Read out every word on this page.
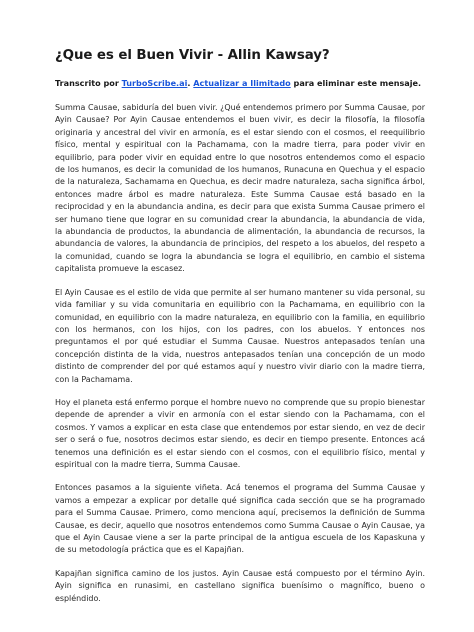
¿Que es el Buen Vivir - Allin Kawsay?
Transcrito por TurboScribe.ai. Actualizar a Ilimitado para eliminar este mensaje.

Summa Causae, sabiduría del buen vivir. ¿Qué entendemos primero por Summa Causae, por Ayin Causae? Por Ayin Causae entendemos el buen vivir, es decir la filosofía, la filosofía originaria y ancestral del vivir en armonía, es el estar siendo con el cosmos, el reequilibrio físico, mental y espiritual con la Pachamama, con la madre tierra, para poder vivir en equilibrio, para poder vivir en equidad entre lo que nosotros entendemos como el espacio de los humanos, es decir la comunidad de los humanos, Runacuna en Quechua y el espacio de la naturaleza, Sachamama en Quechua, es decir madre naturaleza, sacha significa árbol, entonces madre árbol es madre naturaleza. Este Summa Causae está basado en la reciprocidad y en la abundancia andina, es decir para que exista Summa Causae primero el ser humano tiene que lograr en su comunidad crear la abundancia, la abundancia de vida, la abundancia de productos, la abundancia de alimentación, la abundancia de recursos, la abundancia de valores, la abundancia de principios, del respeto a los abuelos, del respeto a la comunidad, cuando se logra la abundancia se logra el equilibrio, en cambio el sistema capitalista promueve la escasez.

El Ayin Causae es el estilo de vida que permite al ser humano mantener su vida personal, su vida familiar y su vida comunitaria en equilibrio con la Pachamama, en equilibrio con la comunidad, en equilibrio con la madre naturaleza, en equilibrio con la familia, en equilibrio con los hermanos, con los hijos, con los padres, con los abuelos. Y entonces nos preguntamos el por qué estudiar el Summa Causae. Nuestros antepasados tenían una concepción distinta de la vida, nuestros antepasados tenían una concepción de un modo distinto de comprender del por qué estamos aquí y nuestro vivir diario con la madre tierra, con la Pachamama.

Hoy el planeta está enfermo porque el hombre nuevo no comprende que su propio bienestar depende de aprender a vivir en armonía con el estar siendo con la Pachamama, con el cosmos. Y vamos a explicar en esta clase que entendemos por estar siendo, en vez de decir ser o será o fue, nosotros decimos estar siendo, es decir en tiempo presente. Entonces acá tenemos una definición es el estar siendo con el cosmos, con el equilibrio físico, mental y espiritual con la madre tierra, Summa Causae.

Entonces pasamos a la siguiente viñeta. Acá tenemos el programa del Summa Causae y vamos a empezar a explicar por detalle qué significa cada sección que se ha programado para el Summa Causae. Primero, como menciona aquí, precisemos la definición de Summa Causae, es decir, aquello que nosotros entendemos como Summa Causae o Ayin Causae, ya que el Ayin Causae viene a ser la parte principal de la antigua escuela de los Kapaskuna y de su metodología práctica que es el Kapajñan.

Kapajñan significa camino de los justos. Ayin Causae está compuesto por el término Ayin. Ayin significa en runasimi, en castellano significa buenísimo o magnífico, bueno o espléndido.
